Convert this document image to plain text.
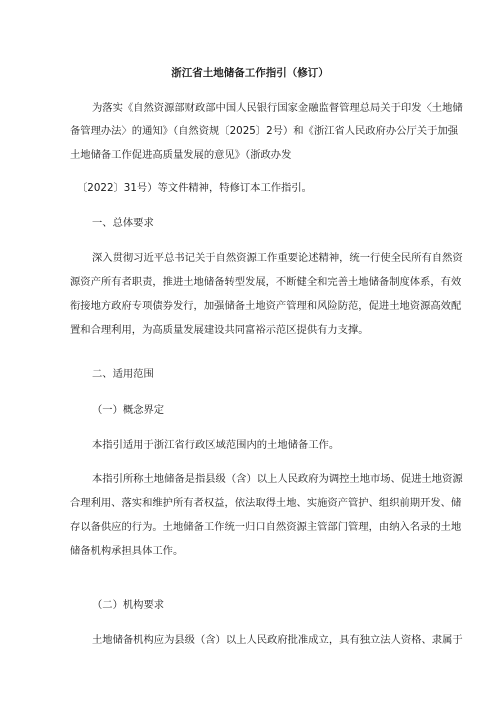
浙江省土地储备工作指引（修订）
为落实《自然资源部财政部中国人民银行国家金融监督管理总局关于印发〈土地储
备管理办法〉的通知》（自然资规〔2025〕2号）和《浙江省人民政府办公厅关于加强
土地储备工作促进高质量发展的意见》（浙政办发
〔2022〕31号）等文件精神，特修订本工作指引。
一、总体要求
深入贯彻习近平总书记关于自然资源工作重要论述精神，统一行使全民所有自然资
源资产所有者职责，推进土地储备转型发展，不断健全和完善土地储备制度体系，有效
衔接地方政府专项债券发行，加强储备土地资产管理和风险防范，促进土地资源高效配
置和合理利用，为高质量发展建设共同富裕示范区提供有力支撑。
二、适用范围
（一）概念界定
本指引适用于浙江省行政区域范围内的土地储备工作。
本指引所称土地储备是指县级（含）以上人民政府为调控土地市场、促进土地资源
合理利用、落实和维护所有者权益，依法取得土地、实施资产管护、组织前期开发、储
存以备供应的行为。土地储备工作统一归口自然资源主管部门管理，由纳入名录的土地
储备机构承担具体工作。
（二）机构要求
土地储备机构应为县级（含）以上人民政府批准成立，具有独立法人资格、隶属于
